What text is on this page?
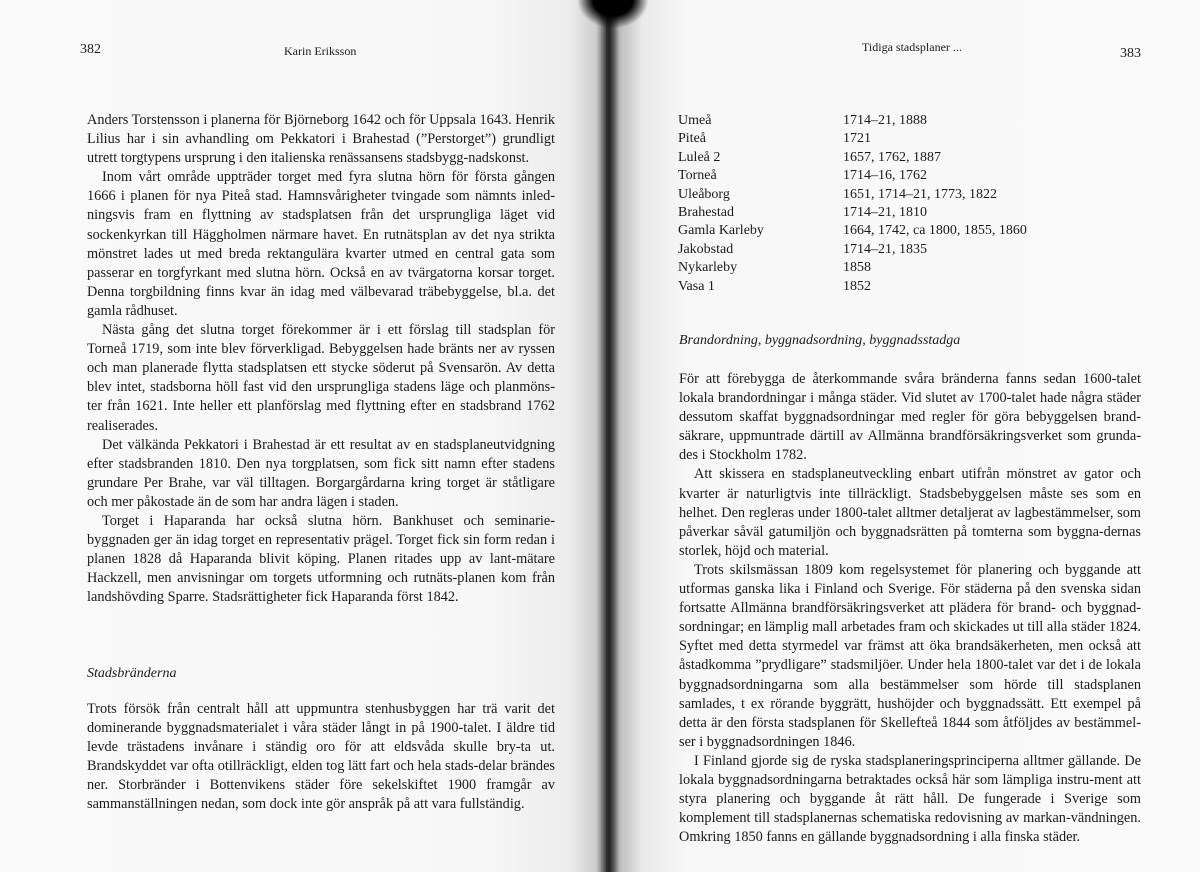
382	Karin Eriksson

Anders Torstensson i planerna för Björneborg 1642 och för Uppsala 1643. Henrik Lilius har i sin avhandling om Pekkatori i Brahestad (”Perstorget”) grundligt utrett torgtypens ursprung i den italienska renässansens stadsbygg-nadskonst.

Inom vårt område uppträder torget med fyra slutna hörn för första gången 1666 i planen för nya Piteå stad. Hamnsvårigheter tvingade som nämnts inled-ningsvis fram en flyttning av stadsplatsen från det ursprungliga läget vid sockenkyrkan till Häggholmen närmare havet. En rutnätsplan av det nya strikta mönstret lades ut med breda rektangulära kvarter utmed en central gata som passerar en torgfyrkant med slutna hörn. Också en av tvärgatorna korsar torget. Denna torgbildning finns kvar än idag med välbevarad träbebyggelse, bl.a. det gamla rådhuset.

Nästa gång det slutna torget förekommer är i ett förslag till stadsplan för Torneå 1719, som inte blev förverkligad. Bebyggelsen hade bränts ner av ryssen och man planerade flytta stadsplatsen ett stycke söderut på Svensarön. Av detta blev intet, stadsborna höll fast vid den ursprungliga stadens läge och planmöns-ter från 1621. Inte heller ett planförslag med flyttning efter en stadsbrand 1762 realiserades.

Det välkända Pekkatori i Brahestad är ett resultat av en stadsplaneutvidgning efter stadsbranden 1810. Den nya torgplatsen, som fick sitt namn efter stadens grundare Per Brahe, var väl tilltagen. Borgargårdarna kring torget är ståtligare och mer påkostade än de som har andra lägen i staden.

Torget i Haparanda har också slutna hörn. Bankhuset och seminarie-byggnaden ger än idag torget en representativ prägel. Torget fick sin form redan i planen 1828 då Haparanda blivit köping. Planen ritades upp av lant-mätare Hackzell, men anvisningar om torgets utformning och rutnäts-planen kom från landshövding Sparre. Stadsrättigheter fick Haparanda först 1842.

Stadsbränderna

Trots försök från centralt håll att uppmuntra stenhusbyggen har trä varit det dominerande byggnadsmaterialet i våra städer långt in på 1900-talet. I äldre tid levde trästadens invånare i ständig oro för att eldsvåda skulle bry-ta ut. Brandskyddet var ofta otillräckligt, elden tog lätt fart och hela stads-delar brändes ner. Storbränder i Bottenvikens städer före sekelskiftet 1900 framgår av sammanställningen nedan, som dock inte gör anspråk på att vara fullständig.

Tidiga stadsplaner ...	383
Umeå	1714–21, 1888
Piteå	1721
Luleå 2	1657, 1762, 1887
Torneå	1714–16, 1762
Uleåborg	1651, 1714–21, 1773, 1822
Brahestad	1714–21, 1810
Gamla Karleby	1664, 1742, ca 1800, 1855, 1860
Jakobstad	1714–21, 1835
Nykarleby	1858
Vasa 1	1852
Brandordning, byggnadsordning, byggnadsstadga

För att förebygga de återkommande svåra bränderna fanns sedan 1600-talet lokala brandordningar i många städer. Vid slutet av 1700-talet hade några städer dessutom skaffat byggnadsordningar med regler för göra bebyggelsen brand-säkrare, uppmuntrade därtill av Allmänna brandförsäkringsverket som grunda-des i Stockholm 1782.

Att skissera en stadsplaneutveckling enbart utifrån mönstret av gator och kvarter är naturligtvis inte tillräckligt. Stadsbebyggelsen måste ses som en helhet. Den regleras under 1800-talet alltmer detaljerat av lagbestämmelser, som påverkar såväl gatumiljön och byggnadsrätten på tomterna som byggna-dernas storlek, höjd och material.

Trots skilsmässan 1809 kom regelsystemet för planering och byggande att utformas ganska lika i Finland och Sverige. För städerna på den svenska sidan fortsatte Allmänna brandförsäkringsverket att plädera för brand- och byggnad-sordningar; en lämplig mall arbetades fram och skickades ut till alla städer 1824. Syftet med detta styrmedel var främst att öka brandsäkerheten, men också att åstadkomma ”prydligare” stadsmiljöer. Under hela 1800-talet var det i de lokala byggnadsordningarna som alla bestämmelser som hörde till stadsplanen samlades, t ex rörande byggrätt, hushöjder och byggnadssätt. Ett exempel på detta är den första stadsplanen för Skellefteå 1844 som åtföljdes av bestämmel-ser i byggnadsordningen 1846.

I Finland gjorde sig de ryska stadsplaneringsprinciperna alltmer gällande. De lokala byggnadsordningarna betraktades också här som lämpliga instru-ment att styra planering och byggande åt rätt håll. De fungerade i Sverige som komplement till stadsplanernas schematiska redovisning av markan-vändningen. Omkring 1850 fanns en gällande byggnadsordning i alla finska städer.
